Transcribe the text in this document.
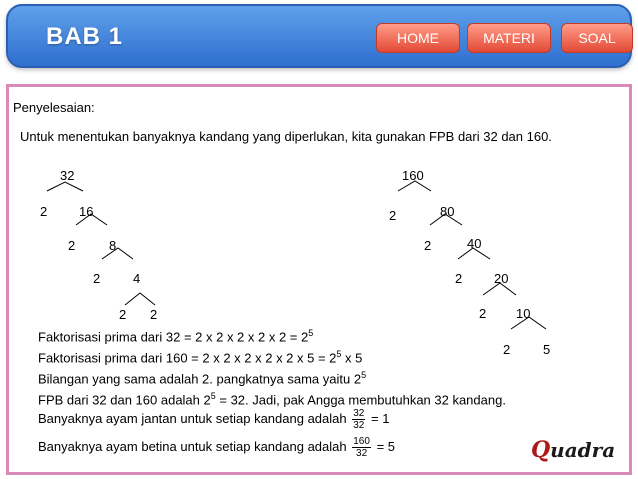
BAB 1	HOME	MATERI	SOAL
Penyelesaian:
Untuk menentukan banyaknya kandang yang diperlukan, kita gunakan FPB dari 32 dan 160.
32
2 16
2	8
2	4
2 2
160
2	80
2	40
2 20
2 10
2	5
Faktorisasi prima dari 32 = 2 x 2 x 2 x 2 x $2 = 2^5$
Faktorisasi prima dari 160 = 2 x 2 x 2 x 2 x 2 x $5 = 2^5$ x 5
Bilangan yang sama adalah 2. pangkatnya sama yaitu $2^5$
FPB dari 32 dan 160 adalah $2^5 = 32$. Jadi, pak Angga membutuhkan 32 kandang.
Banyaknya ayam jantan untuk setiap kandang adalah $\frac{32}{32} = 1$
Banyaknya ayam betina untuk setiap kandang adalah $\frac{160}{32} = 5$	Quadra
